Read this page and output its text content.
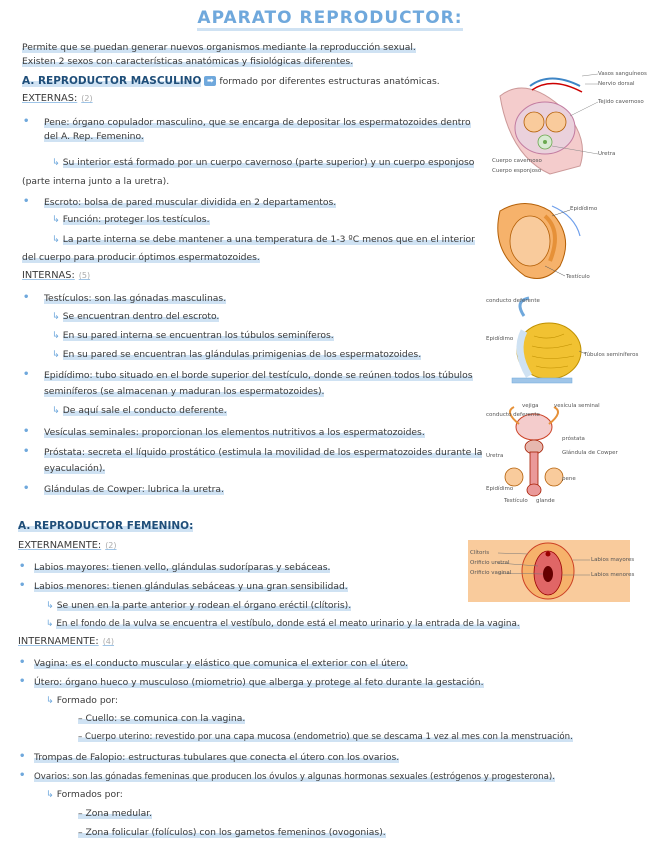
APARATO REPRODUCTOR:
Permite que se puedan generar nuevos organismos mediante la reproducción sexual.
Existen 2 sexos con características anatómicas y fisiológicas diferentes.
A. REPRODUCTOR MASCULINO ➡ formado por diferentes estructuras anatómicas.
EXTERNAS: (2)
• Pene: órgano copulador masculino, que se encarga de depositar los espermatozoides dentro
del A. Rep. Femenino.
↳ Su interior está formado por un cuerpo cavernoso (parte superior) y un cuerpo esponjoso
(parte interna junto a la uretra).
• Escroto: bolsa de pared muscular dividida en 2 departamentos.
↳ Función: proteger los testículos.
↳ La parte interna se debe mantener a una temperatura de 1-3 ºC menos que en el interior
del cuerpo para producir óptimos espermatozoides.
INTERNAS: (5)
• Testículos: son las gónadas masculinas.
↳ Se encuentran dentro del escroto.
↳ En su pared interna se encuentran los túbulos seminíferos.
↳ En su pared se encuentran las glándulas primigenias de los espermatozoides.
• Epidídimo: tubo situado en el borde superior del testículo, donde se reúnen todos los túbulos
seminíferos (se almacenan y maduran los espermatozoides).
↳ De aquí sale el conducto deferente.
• Vesículas seminales: proporcionan los elementos nutritivos a los espermatozoides.
• Próstata: secreta el líquido prostático (estimula la movilidad de los espermatozoides durante la
eyaculación).
• Glándulas de Cowper: lubrica la uretra.
A. REPRODUCTOR FEMENINO:
EXTERNAMENTE: (2)
• Labios mayores: tienen vello, glándulas sudoríparas y sebáceas.
• Labios menores: tienen glándulas sebáceas y una gran sensibilidad.
↳ Se unen en la parte anterior y rodean el órgano eréctil (clítoris).
↳ En el fondo de la vulva se encuentra el vestíbulo, donde está el meato urinario y la entrada de la vagina.
INTERNAMENTE: (4)
• Vagina: es el conducto muscular y elástico que comunica el exterior con el útero.
• Útero: órgano hueco y musculoso (miometrio) que alberga y protege al feto durante la gestación.
↳ Formado por:
– Cuello: se comunica con la vagina.
– Cuerpo uterino: revestido por una capa mucosa (endometrio) que se descama 1 vez al mes con la menstruación.
• Trompas de Falopio: estructuras tubulares que conecta el útero con los ovarios.
• Ovarios: son las gónadas femeninas que producen los óvulos y algunas hormonas sexuales (estrógenos y progesterona).
↳ Formados por:
– Zona medular.
– Zona folicular (folículos) con los gametos femeninos (ovogonias).
Vasos sanguíneos
Nervio dorsal
Tejido cavernoso
Uretra
Cuerpo cavernoso
Cuerpo esponjoso
Epidídimo
Testículo
conducto deferente
Epidídimo
Túbulos seminíferos
vejiga	vesícula seminal
conducto deferente
próstata
Glándula de Cowper
Uretra
pene
Epidídimo
Testículo glande
Clítoris
Orificio uretral
Orificio vaginal
Labios mayores
Labios menores
